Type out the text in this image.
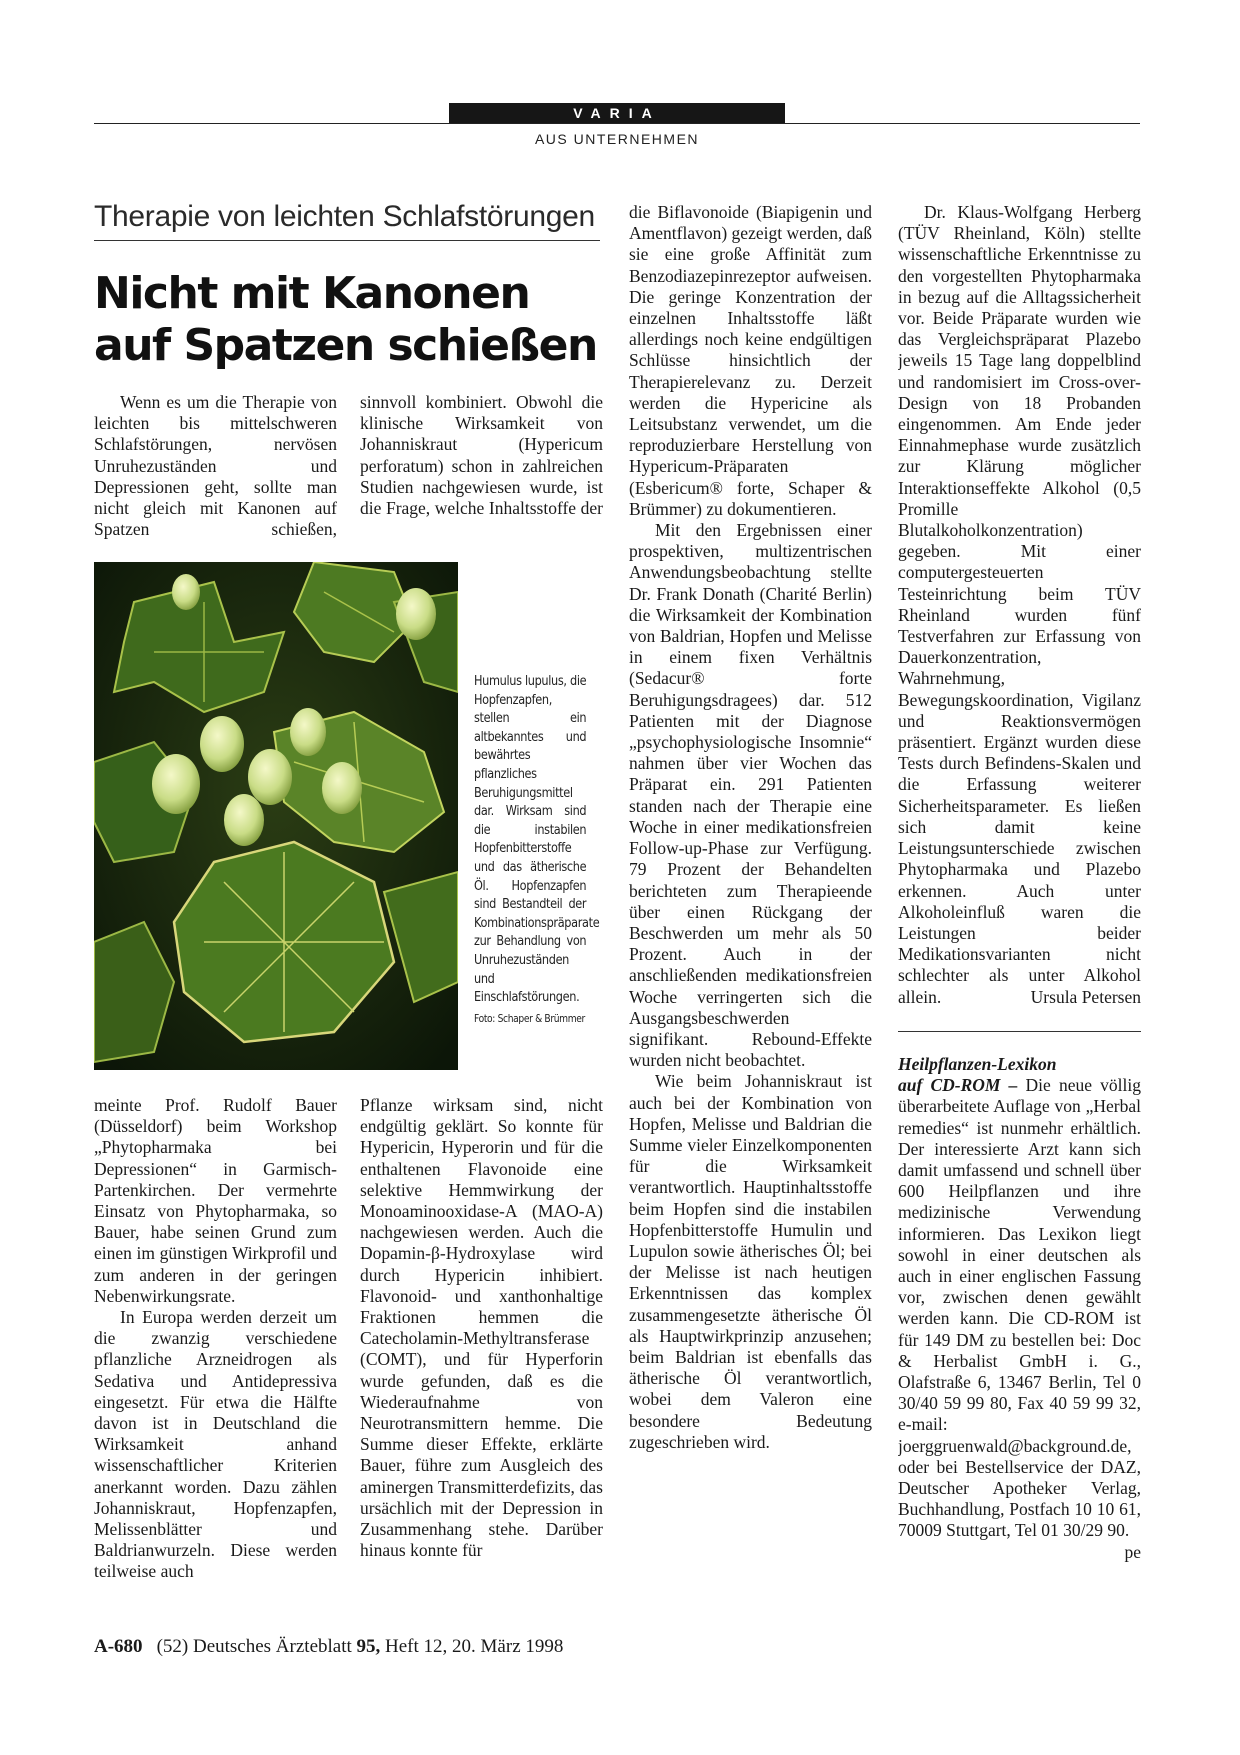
VARIA
AUS UNTERNEHMEN
Therapie von leichten Schlafstörungen
Nicht mit Kanonen
auf Spatzen schießen

Wenn es um die Therapie von leichten bis mittelschweren Schlafstörungen, nervösen Unruhezuständen und Depressionen geht, sollte man nicht gleich mit Kanonen auf Spatzen schießen,

sinnvoll kombiniert. Obwohl die klinische Wirksamkeit von Johanniskraut (Hypericum perforatum) schon in zahlreichen Studien nachgewiesen wurde, ist die Frage, welche Inhaltsstoffe der

Humulus lupulus, die Hopfenzapfen, stellen ein altbekanntes und bewährtes pflanzliches Beruhigungsmittel dar. Wirksam sind die instabilen Hopfenbitterstoffe und das ätherische Öl. Hopfenzapfen sind Bestandteil der Kombinationspräparate zur Behandlung von Unruhezuständen und Einschlafstörungen.
Foto: Schaper & Brümmer

meinte Prof. Rudolf Bauer (Düsseldorf) beim Workshop „Phytopharmaka bei Depressionen“ in Garmisch-Partenkirchen. Der vermehrte Einsatz von Phytopharmaka, so Bauer, habe seinen Grund zum einen im günstigen Wirkprofil und zum anderen in der geringen Nebenwirkungsrate.

In Europa werden derzeit um die zwanzig verschiedene pflanzliche Arzneidrogen als Sedativa und Antidepressiva eingesetzt. Für etwa die Hälfte davon ist in Deutschland die Wirksamkeit anhand wissenschaftlicher Kriterien anerkannt worden. Dazu zählen Johanniskraut, Hopfenzapfen, Melissenblätter und Baldrianwurzeln. Diese werden teilweise auch

Pflanze wirksam sind, nicht endgültig geklärt. So konnte für Hypericin, Hyperorin und für die enthaltenen Flavonoide eine selektive Hemmwirkung der Monoaminooxidase-A (MAO-A) nachgewiesen werden. Auch die Dopamin-β-Hydroxylase wird durch Hypericin inhibiert. Flavonoid- und xanthonhaltige Fraktionen hemmen die Catecholamin-Methyltransferase (COMT), und für Hyperforin wurde gefunden, daß es die Wiederaufnahme von Neurotransmittern hemme. Die Summe dieser Effekte, erklärte Bauer, führe zum Ausgleich des aminergen Transmitterdefizits, das ursächlich mit der Depression in Zusammenhang stehe. Darüber hinaus konnte für

die Biflavonoide (Biapigenin und Amentflavon) gezeigt werden, daß sie eine große Affinität zum Benzodiazepinrezeptor aufweisen. Die geringe Konzentration der einzelnen Inhaltsstoffe läßt allerdings noch keine endgültigen Schlüsse hinsichtlich der Therapierelevanz zu. Derzeit werden die Hypericine als Leitsubstanz verwendet, um die reproduzierbare Herstellung von Hypericum-Präparaten (Esbericum® forte, Schaper & Brümmer) zu dokumentieren.

Mit den Ergebnissen einer prospektiven, multizentrischen Anwendungsbeobachtung stellte Dr. Frank Donath (Charité Berlin) die Wirksamkeit der Kombination von Baldrian, Hopfen und Melisse in einem fixen Verhältnis (Sedacur® forte Beruhigungsdragees) dar. 512 Patienten mit der Diagnose „psychophysiologische Insomnie“ nahmen über vier Wochen das Präparat ein. 291 Patienten standen nach der Therapie eine Woche in einer medikationsfreien Follow-up-Phase zur Verfügung. 79 Prozent der Behandelten berichteten zum Therapieende über einen Rückgang der Beschwerden um mehr als 50 Prozent. Auch in der anschließenden medikationsfreien Woche verringerten sich die Ausgangsbeschwerden signifikant. Rebound-Effekte wurden nicht beobachtet.

Wie beim Johanniskraut ist auch bei der Kombination von Hopfen, Melisse und Baldrian die Summe vieler Einzelkomponenten für die Wirksamkeit verantwortlich. Hauptinhaltsstoffe beim Hopfen sind die instabilen Hopfenbitterstoffe Humulin und Lupulon sowie ätherisches Öl; bei der Melisse ist nach heutigen Erkenntnissen das komplex zusammengesetzte ätherische Öl als Hauptwirkprinzip anzusehen; beim Baldrian ist ebenfalls das ätherische Öl verantwortlich, wobei dem Valeron eine besondere Bedeutung zugeschrieben wird.

Dr. Klaus-Wolfgang Herberg (TÜV Rheinland, Köln) stellte wissenschaftliche Erkenntnisse zu den vorgestellten Phytopharmaka in bezug auf die Alltagssicherheit vor. Beide Präparate wurden wie das Vergleichspräparat Plazebo jeweils 15 Tage lang doppelblind und randomisiert im Cross-over-Design von 18 Probanden eingenommen. Am Ende jeder Einnahmephase wurde zusätzlich zur Klärung möglicher Interaktionseffekte Alkohol (0,5 Promille Blutalkoholkonzentration) gegeben. Mit einer computergesteuerten Testeinrichtung beim TÜV Rheinland wurden fünf Testverfahren zur Erfassung von Dauerkonzentration, Wahrnehmung, Bewegungskoordination, Vigilanz und Reaktionsvermögen präsentiert. Ergänzt wurden diese Tests durch Befindens-Skalen und die Erfassung weiterer Sicherheitsparameter. Es ließen sich damit keine Leistungsunterschiede zwischen Phytopharmaka und Plazebo erkennen. Auch unter Alkoholeinfluß waren die Leistungen beider Medikationsvarianten nicht schlechter als unter Alkohol allein.	Ursula Petersen

Heilpflanzen-Lexikon

auf CD-ROM – Die neue völlig überarbeitete Auflage von „Herbal remedies“ ist nunmehr erhältlich. Der interessierte Arzt kann sich damit umfassend und schnell über 600 Heilpflanzen und ihre medizinische Verwendung informieren. Das Lexikon liegt sowohl in einer deutschen als auch in einer englischen Fassung vor, zwischen denen gewählt werden kann. Die CD-ROM ist für 149 DM zu bestellen bei: Doc & Herbalist GmbH i. G., Olafstraße 6, 13467 Berlin, Tel 0 30/40 59 99 80, Fax 40 59 99 32, e-mail: joerggruenwald@background.de, oder bei Bestellservice der DAZ, Deutscher Apotheker Verlag, Buchhandlung, Postfach 10 10 61, 70009 Stuttgart, Tel 01 30/29 90.
pe

A-680 (52) Deutsches Ärzteblatt 95, Heft 12, 20. März 1998
